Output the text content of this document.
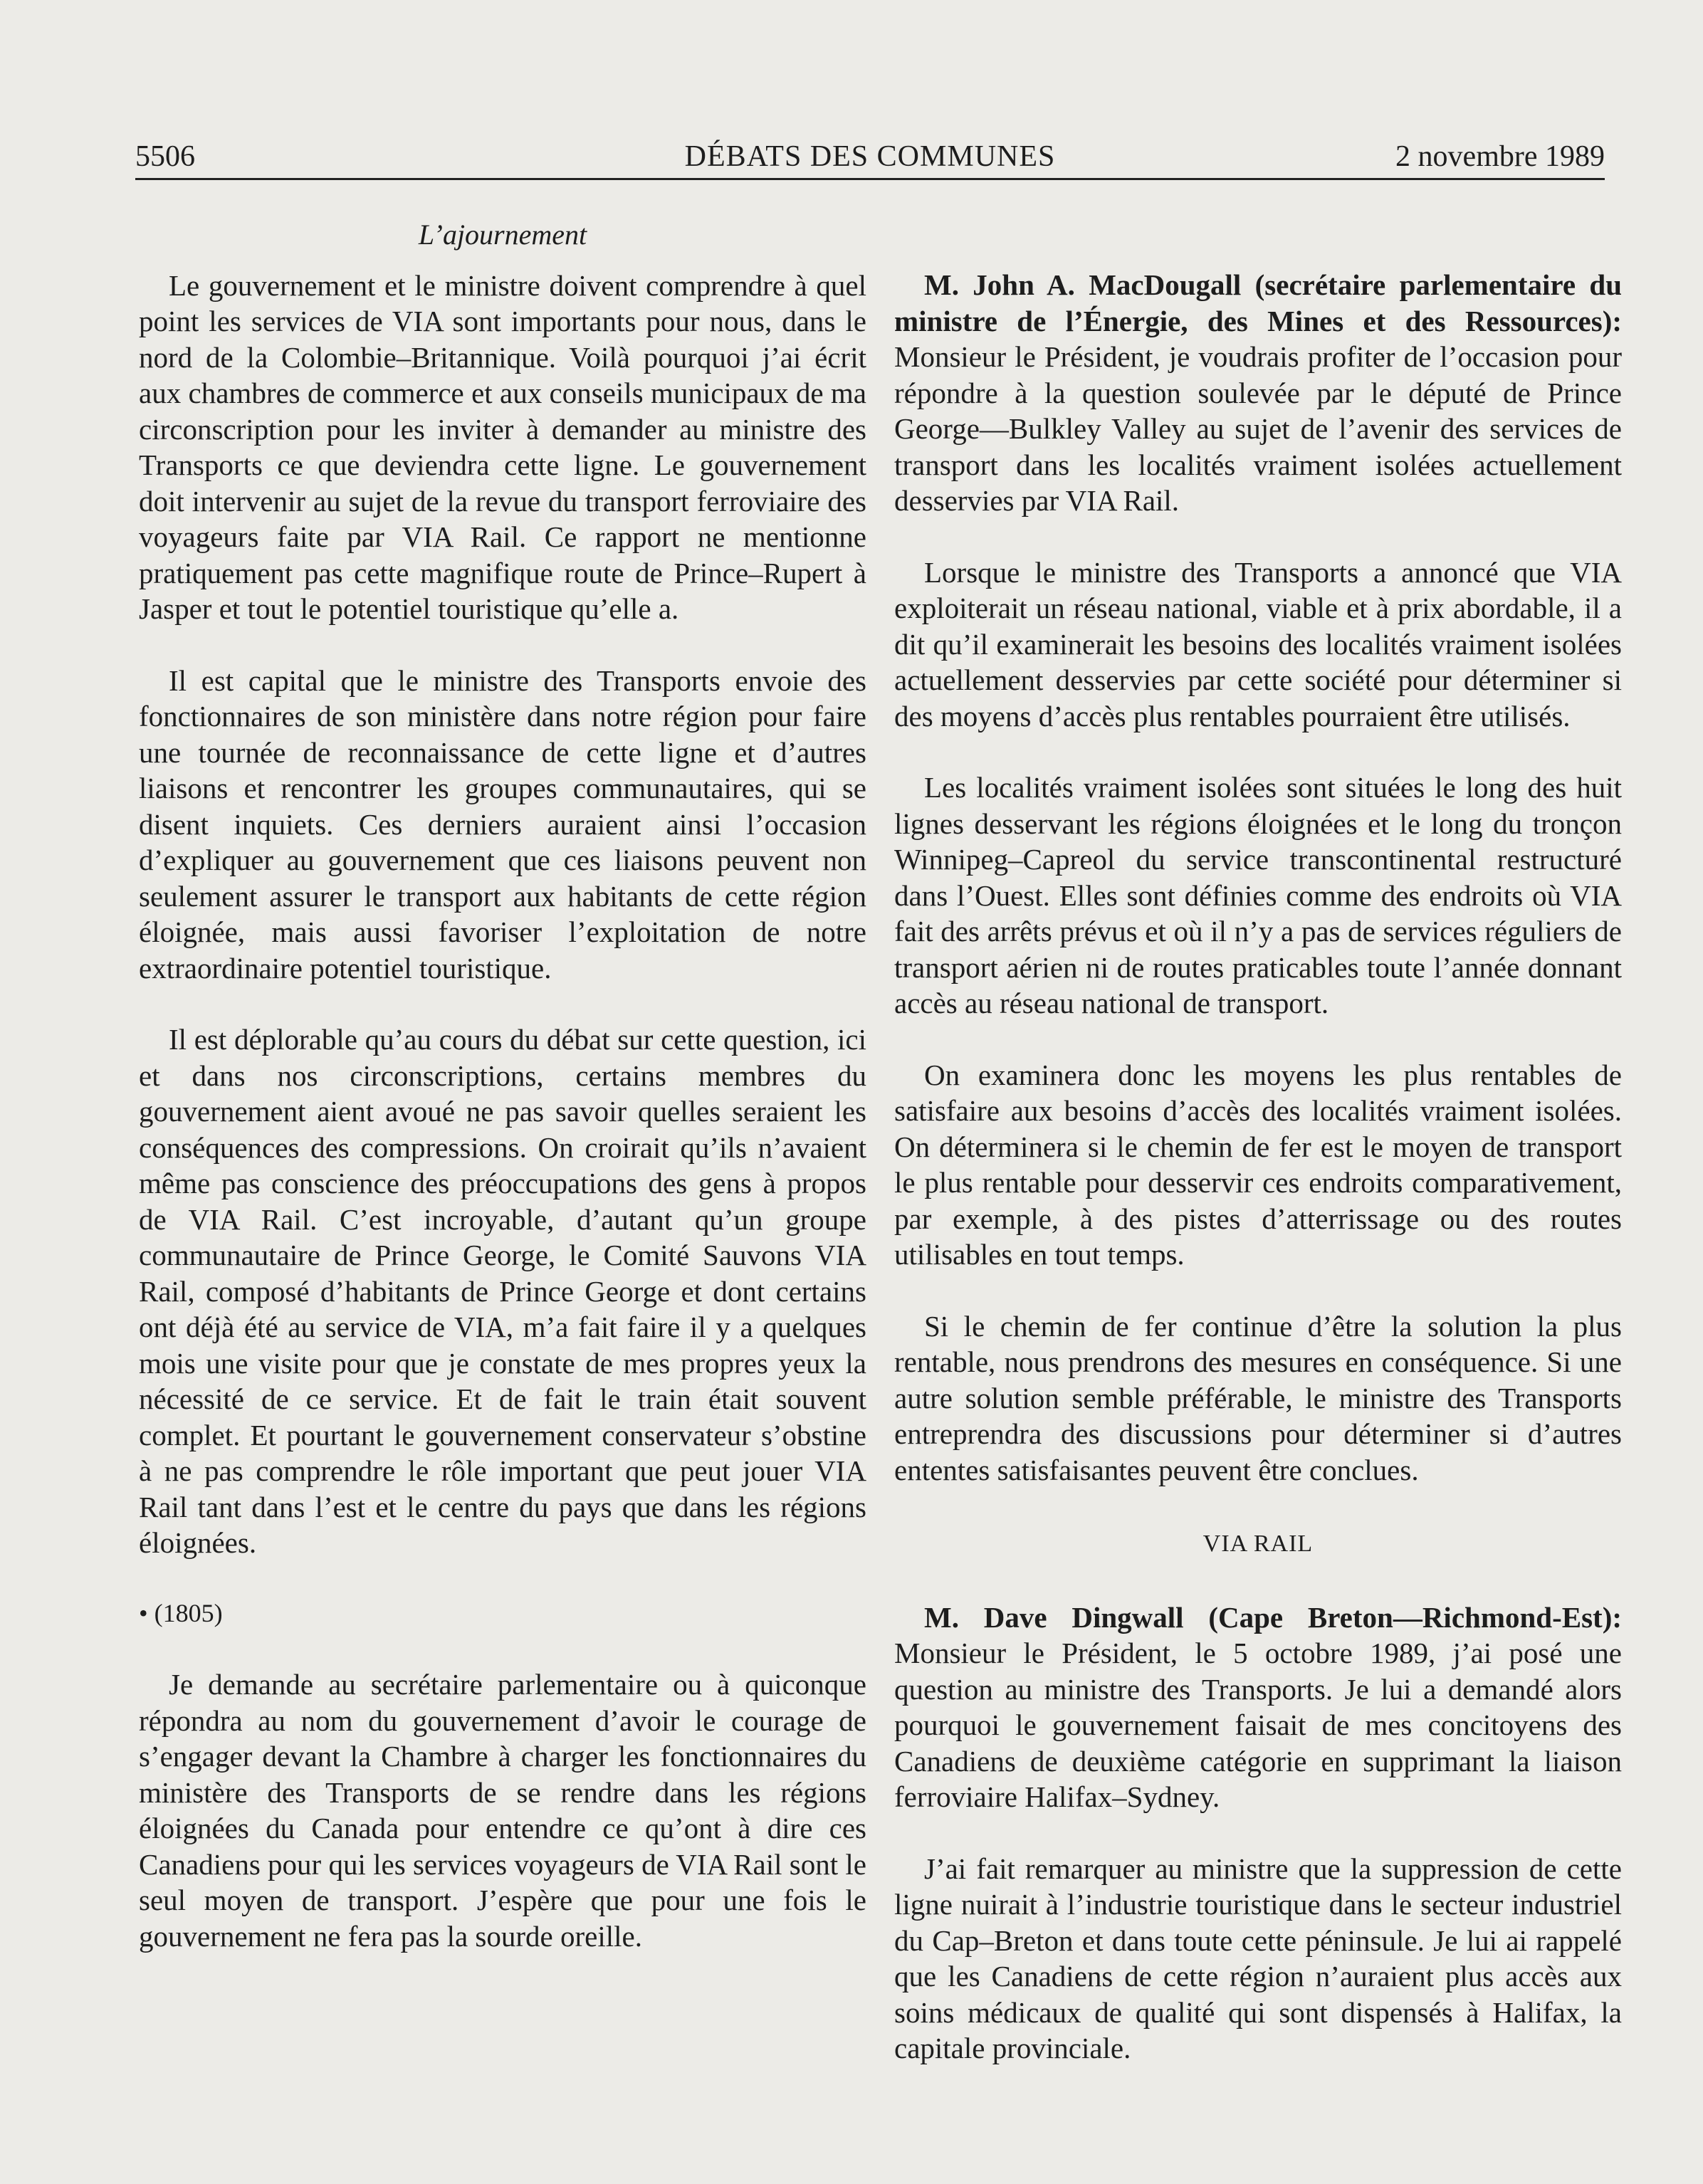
5506	DÉBATS DES COMMUNES	2 novembre 1989
L’ajournement

Le gouvernement et le ministre doivent comprendre à quel point les services de VIA sont importants pour nous, dans le nord de la Colombie–Britannique. Voilà pourquoi j’ai écrit aux chambres de commerce et aux conseils municipaux de ma circonscription pour les inviter à demander au ministre des Transports ce que deviendra cette ligne. Le gouvernement doit intervenir au sujet de la revue du transport ferroviaire des voyageurs faite par VIA Rail. Ce rapport ne mentionne pratiquement pas cette magnifique route de Prince–Rupert à Jasper et tout le potentiel touristique qu’elle a.

Il est capital que le ministre des Transports envoie des fonctionnaires de son ministère dans notre région pour faire une tournée de reconnaissance de cette ligne et d’autres liaisons et rencontrer les groupes communautaires, qui se disent inquiets. Ces derniers auraient ainsi l’occasion d’expliquer au gouvernement que ces liaisons peuvent non seulement assurer le transport aux habitants de cette région éloignée, mais aussi favoriser l’exploitation de notre extraordinaire potentiel touristique.

Il est déplorable qu’au cours du débat sur cette question, ici et dans nos circonscriptions, certains membres du gouvernement aient avoué ne pas savoir quelles seraient les conséquences des compressions. On croirait qu’ils n’avaient même pas conscience des préoccupations des gens à propos de VIA Rail. C’est incroyable, d’autant qu’un groupe communautaire de Prince George, le Comité Sauvons VIA Rail, composé d’habitants de Prince George et dont certains ont déjà été au service de VIA, m’a fait faire il y a quelques mois une visite pour que je constate de mes propres yeux la nécessité de ce service. Et de fait le train était souvent complet. Et pourtant le gouvernement conservateur s’obstine à ne pas comprendre le rôle important que peut jouer VIA Rail tant dans l’est et le centre du pays que dans les régions éloignées.

• (1805)

Je demande au secrétaire parlementaire ou à quiconque répondra au nom du gouvernement d’avoir le courage de s’engager devant la Chambre à charger les fonctionnaires du ministère des Transports de se rendre dans les régions éloignées du Canada pour entendre ce qu’ont à dire ces Canadiens pour qui les services voyageurs de VIA Rail sont le seul moyen de transport. J’espère que pour une fois le gouvernement ne fera pas la sourde oreille.

M. John A. MacDougall (secrétaire parlementaire du ministre de l’Énergie, des Mines et des Ressources): Monsieur le Président, je voudrais profiter de l’occasion pour répondre à la question soulevée par le député de Prince George—Bulkley Valley au sujet de l’avenir des services de transport dans les localités vraiment isolées actuellement desservies par VIA Rail.

Lorsque le ministre des Transports a annoncé que VIA exploiterait un réseau national, viable et à prix abordable, il a dit qu’il examinerait les besoins des localités vraiment isolées actuellement desservies par cette société pour déterminer si des moyens d’accès plus rentables pourraient être utilisés.

Les localités vraiment isolées sont situées le long des huit lignes desservant les régions éloignées et le long du tronçon Winnipeg–Capreol du service transcontinental restructuré dans l’Ouest. Elles sont définies comme des endroits où VIA fait des arrêts prévus et où il n’y a pas de services réguliers de transport aérien ni de routes praticables toute l’année donnant accès au réseau national de transport.

On examinera donc les moyens les plus rentables de satisfaire aux besoins d’accès des localités vraiment isolées. On déterminera si le chemin de fer est le moyen de transport le plus rentable pour desservir ces endroits comparativement, par exemple, à des pistes d’atterrissage ou des routes utilisables en tout temps.

Si le chemin de fer continue d’être la solution la plus rentable, nous prendrons des mesures en conséquence. Si une autre solution semble préférable, le ministre des Transports entreprendra des discussions pour déterminer si d’autres ententes satisfaisantes peuvent être conclues.

VIA RAIL

M. Dave Dingwall (Cape Breton—Richmond-Est): Monsieur le Président, le 5 octobre 1989, j’ai posé une question au ministre des Transports. Je lui a demandé alors pourquoi le gouvernement faisait de mes concitoyens des Canadiens de deuxième catégorie en supprimant la liaison ferroviaire Halifax–Sydney.

J’ai fait remarquer au ministre que la suppression de cette ligne nuirait à l’industrie touristique dans le secteur industriel du Cap–Breton et dans toute cette péninsule. Je lui ai rappelé que les Canadiens de cette région n’auraient plus accès aux soins médicaux de qualité qui sont dispensés à Halifax, la capitale provinciale.
